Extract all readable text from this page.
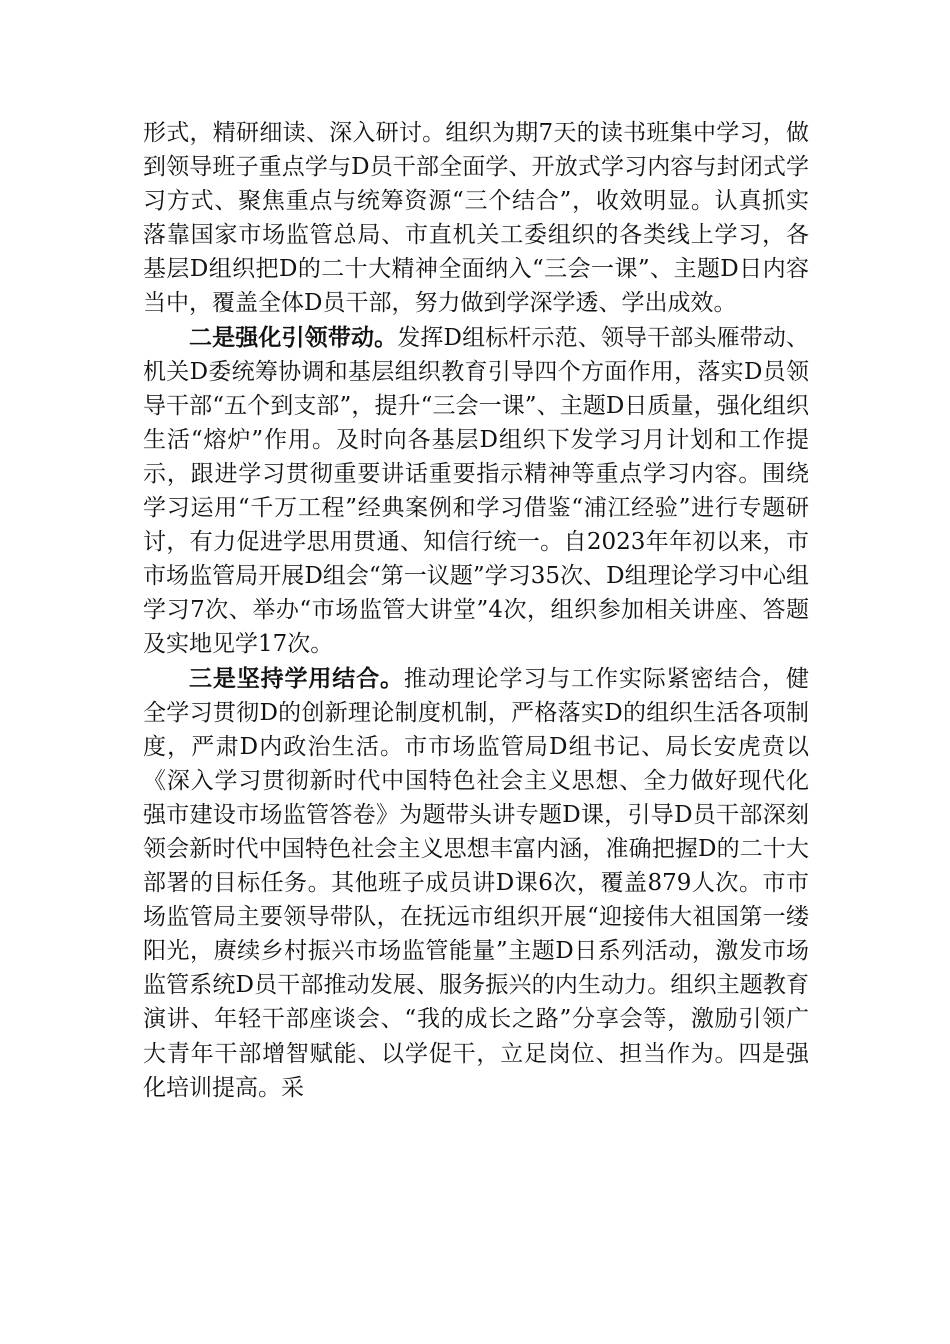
形式，精研细读、深入研讨。组织为期7天的读书班集中学习，做到领导班子重点学与D员干部全面学、开放式学习内容与封闭式学习方式、聚焦重点与统筹资源“三个结合”，收效明显。认真抓实落靠国家市场监管总局、市直机关工委组织的各类线上学习，各基层D组织把D的二十大精神全面纳入“三会一课”、主题D日内容当中，覆盖全体D员干部，努力做到学深学透、学出成效。

二是强化引领带动。发挥D组标杆示范、领导干部头雁带动、机关D委统筹协调和基层组织教育引导四个方面作用，落实D员领导干部“五个到支部”，提升“三会一课”、主题D日质量，强化组织生活“熔炉”作用。及时向各基层D组织下发学习月计划和工作提示，跟进学习贯彻重要讲话重要指示精神等重点学习内容。围绕学习运用“千万工程”经典案例和学习借鉴“浦江经验”进行专题研讨，有力促进学思用贯通、知信行统一。自2023年年初以来，市市场监管局开展D组会“第一议题”学习35次、D组理论学习中心组学习7次、举办“市场监管大讲堂”4次，组织参加相关讲座、答题及实地见学17次。

三是坚持学用结合。推动理论学习与工作实际紧密结合，健全学习贯彻D的创新理论制度机制，严格落实D的组织生活各项制度，严肃D内政治生活。市市场监管局D组书记、局长安虎贲以《深入学习贯彻新时代中国特色社会主义思想、全力做好现代化强市建设市场监管答卷》为题带头讲专题D课，引导D员干部深刻领会新时代中国特色社会主义思想丰富内涵，准确把握D的二十大部署的目标任务。其他班子成员讲D课6次，覆盖879人次。市市场监管局主要领导带队，在抚远市组织开展“迎接伟大祖国第一缕阳光，赓续乡村振兴市场监管能量”主题D日系列活动，激发市场监管系统D员干部推动发展、服务振兴的内生动力。组织主题教育演讲、年轻干部座谈会、“我的成长之路”分享会等，激励引领广大青年干部增智赋能、以学促干，立足岗位、担当作为。四是强化培训提高。采
